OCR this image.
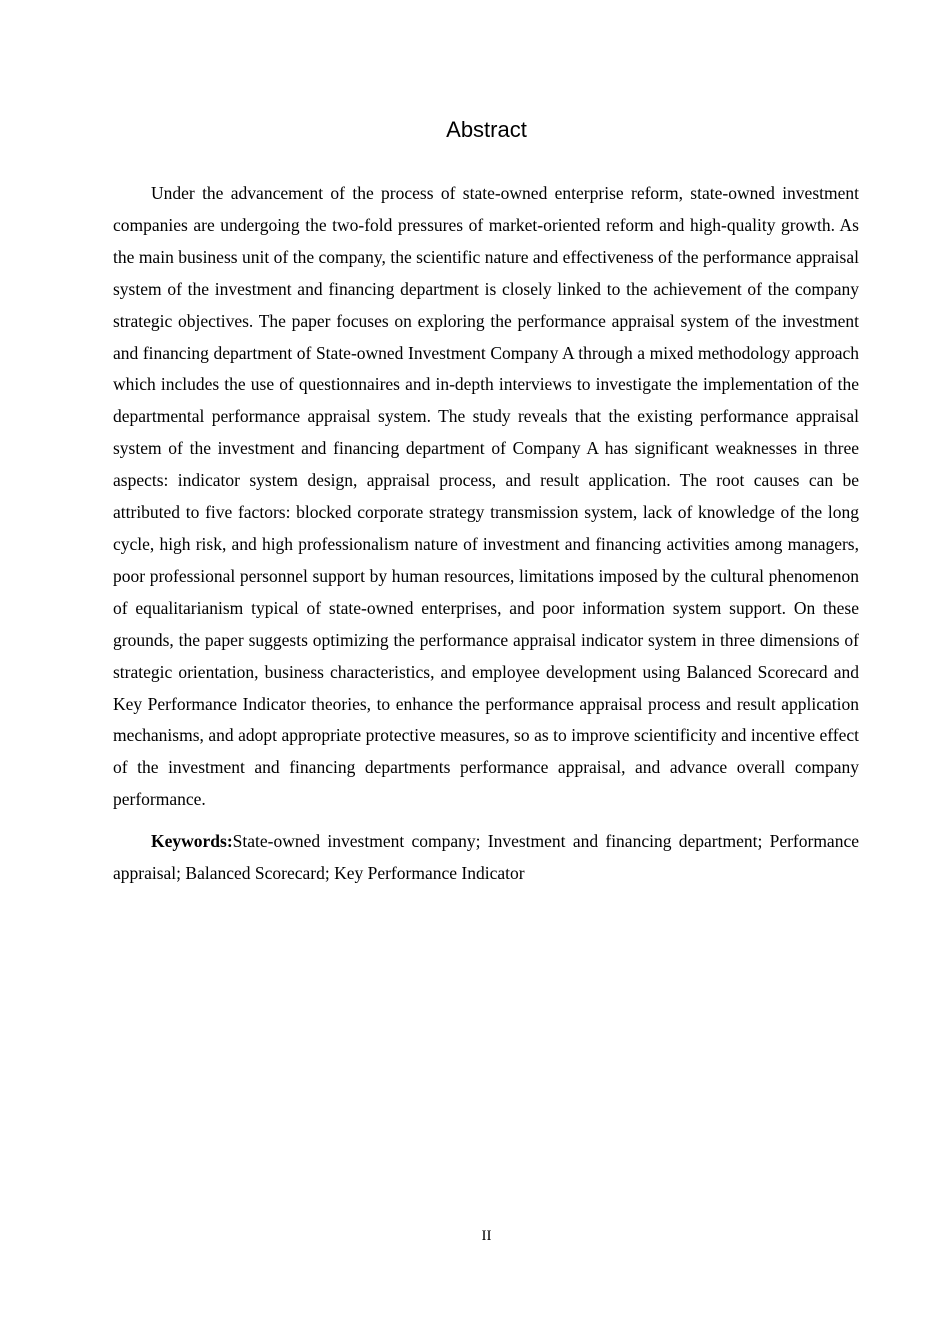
Abstract

Under the advancement of the process of state-owned enterprise reform, state-owned investment companies are undergoing the two-fold pressures of market-oriented reform and high-quality growth. As the main business unit of the company, the scientific nature and effectiveness of the performance appraisal system of the investment and financing department is closely linked to the achievement of the company strategic objectives. The paper focuses on exploring the performance appraisal system of the investment and financing department of State-owned Investment Company A through a mixed methodology approach which includes the use of questionnaires and in-depth interviews to investigate the implementation of the departmental performance appraisal system. The study reveals that the existing performance appraisal system of the investment and financing department of Company A has significant weaknesses in three aspects: indicator system design, appraisal process, and result application. The root causes can be attributed to five factors: blocked corporate strategy transmission system, lack of knowledge of the long cycle, high risk, and high professionalism nature of investment and financing activities among managers, poor professional personnel support by human resources, limitations imposed by the cultural phenomenon of equalitarianism typical of state-owned enterprises, and poor information system support. On these grounds, the paper suggests optimizing the performance appraisal indicator system in three dimensions of strategic orientation, business characteristics, and employee development using Balanced Scorecard and Key Performance Indicator theories, to enhance the performance appraisal process and result application mechanisms, and adopt appropriate protective measures, so as to improve scientificity and incentive effect of the investment and financing departments performance appraisal, and advance overall company performance.

Keywords:State-owned investment company; Investment and financing department; Performance appraisal; Balanced Scorecard; Key Performance Indicator

II
